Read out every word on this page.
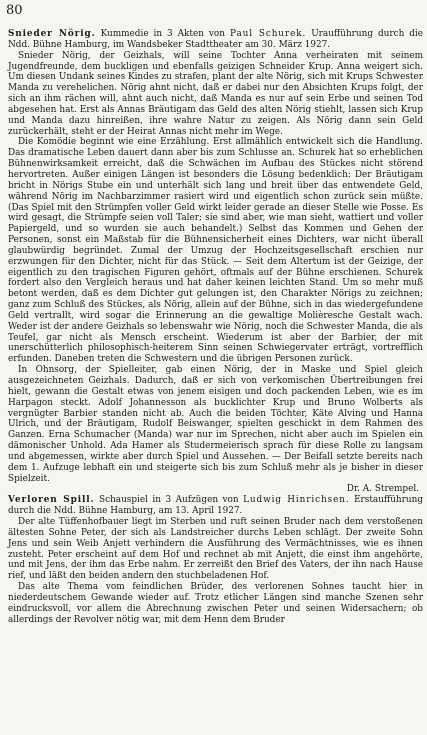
80

Snieder Nörig. Kummedie in 3 Akten von Paul Schurek. Uraufführung durch die Ndd. Bühne Hamburg, im Wandsbeker Stadttheater am 30. März 1927.

Snieder Nörig, der Geizhals, will seine Tochter Anna verheiraten mit seinem Jugendfreunde, dem buckligen und ebenfalls geizigen Schneider Krup. Anna weigert sich. Um diesen Undank seines Kindes zu strafen, plant der alte Nörig, sich mit Krups Schwester Manda zu verehelichen. Nörig ahnt nicht, daß er dabei nur den Absichten Krups folgt, der sich an ihm rächen will, ahnt auch nicht, daß Manda es nur auf sein Erbe und seinen Tod abgesehen hat. Erst als Annas Bräutigam das Geld des alten Nörig stiehlt, lassen sich Krup und Manda dazu hinreißen, ihre wahre Natur zu zeigen. Als Nörig dann sein Geld zurückerhält, steht er der Heirat Annas nicht mehr im Wege.

Die Komödie beginnt wie eine Erzählung. Erst allmählich entwickelt sich die Handlung. Das dramatische Leben dauert dann aber bis zum Schlusse an. Schurek hat so erheblichen Bühnenwirksamkeit erreicht, daß die Schwächen im Aufbau des Stückes nicht störend hervortreten. Außer einigen Längen ist besonders die Lösung bedenklich: Der Bräutigam bricht in Nörigs Stube ein und unterhält sich lang und breit über das entwendete Geld, während Nörig im Nachbarzimmer rasiert wird und eigentlich schon zurück sein müßte. (Das Spiel mit den Strümpfen voller Geld wirkt leider gerade an dieser Stelle wie Posse. Es wird gesagt, die Strümpfe seien voll Taler; sie sind aber, wie man sieht, wattiert und voller Papiergeld, und so wurden sie auch behandelt.) Selbst das Kommen und Gehen der Personen, sonst ein Maßstab für die Bühnensicherheit eines Dichters, war nicht überall glaubwürdig begründet. Zumal der Umzug der Hochzeitsgesellschaft erschien nur erzwungen für den Dichter, nicht für das Stück. — Seit dem Altertum ist der Geizige, der eigentlich zu den tragischen Figuren gehört, oftmals auf der Bühne erschienen. Schurek fordert also den Vergleich heraus und hat daher keinen leichten Stand. Um so mehr muß betont werden, daß es dem Dichter gut gelungen ist, den Charakter Nörigs zu zeichnen; ganz zum Schluß des Stückes, als Nörig, allein auf der Bühne, sich in das wiedergefundene Geld vertrallt, wird sogar die Erinnerung an die gewaltige Molièresche Gestalt wach. Weder ist der andere Geizhals so lebenswahr wie Nörig, noch die Schwester Manda, die als Teufel, gar nicht als Mensch erscheint. Wiederum ist aber der Barbier, der mit unerschütterlich philosophisch-heiterem Sinn seinen Schwiegervater erträgt, vortrefflich erfunden. Daneben treten die Schwestern und die übrigen Personen zurück.

In Ohnsorg, der Spielleiter, gab einen Nörig, der in Maske und Spiel gleich ausgezeichneten Geizhals. Dadurch, daß er sich von verkomischen Übertreibungen frei hielt, gewann die Gestalt etwas von jenem eisigen und doch packenden Leben, wie es im Harpagon steckt. Adolf Johannesson als bucklichter Krup und Bruno Wolberts als vergnügter Barbier standen nicht ab. Auch die beiden Töchter, Käte Alving und Hanna Ulrich, und der Bräutigam, Rudolf Beiswanger, spielten geschickt in dem Rahmen des Ganzen. Erna Schumacher (Manda) war nur im Sprechen, nicht aber auch im Spielen ein dämonischer Unhold. Ada Hamer als Studermeierisch sprach für diese Rolle zu langsam und abgemessen, wirkte aber durch Spiel und Aussehen. — Der Beifall setzte bereits nach dem 1. Aufzuge lebhaft ein und steigerte sich bis zum Schluß mehr als je bisher in dieser Spielzeit.

Dr. A. Strempel.

Verloren Spill. Schauspiel in 3 Aufzügen von Ludwig Hinrichsen. Erstaufführung durch die Ndd. Bühne Hamburg, am 13. April 1927.

Der alte Tüffenhofbauer liegt im Sterben und ruft seinen Bruder nach dem verstoßenen ältesten Sohne Peter, der sich als Landstreicher durchs Leben schlägt. Der zweite Sohn Jens und sein Weib Anjett verhindern die Ausführung des Vermächtnisses, wie es ihnen zusteht. Peter erscheint auf dem Hof und rechnet ab mit Anjett, die einst ihm angehörte, und mit Jens, der ihm das Erbe nahm. Er zerreißt den Brief des Vaters, der ihn nach Hause rief, und läßt den beiden andern den stuchbeladenen Hof.

Das alte Thema vom feindlichen Brüder, des verlorenen Sohnes taucht hier in niederdeutschem Gewande wieder auf. Trotz etlicher Längen sind manche Szenen sehr eindrucksvoll, vor allem die Abrechnung zwischen Peter und seinen Widersachern; ob allerdings der Revolver nötig war, mit dem Henn dem Bruder
